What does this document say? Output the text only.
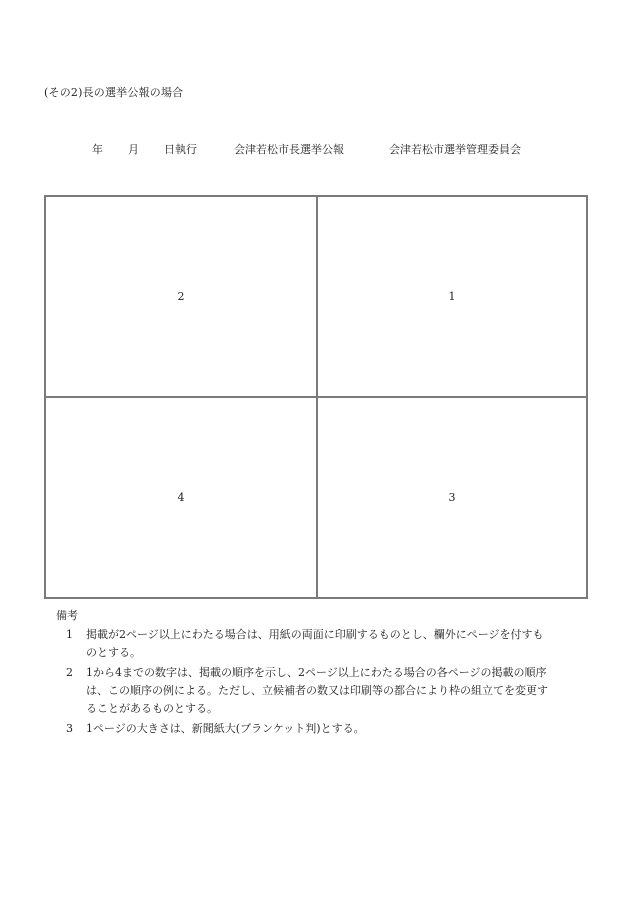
(その2)長の選挙公報の場合
年 月 日執行	会津若松市長選挙公報	会津若松市選挙管理委員会
2	1
4	3
備考
1 掲載が2ページ以上にわたる場合は、用紙の両面に印刷するものとし、欄外にページを付すも
のとする。
2 1から4までの数字は、掲載の順序を示し、2ページ以上にわたる場合の各ページの掲載の順序
は、この順序の例による。ただし、立候補者の数又は印刷等の都合により枠の組立てを変更す
ることがあるものとする。
3 1ページの大きさは、新聞紙大(ブランケット判)とする。
